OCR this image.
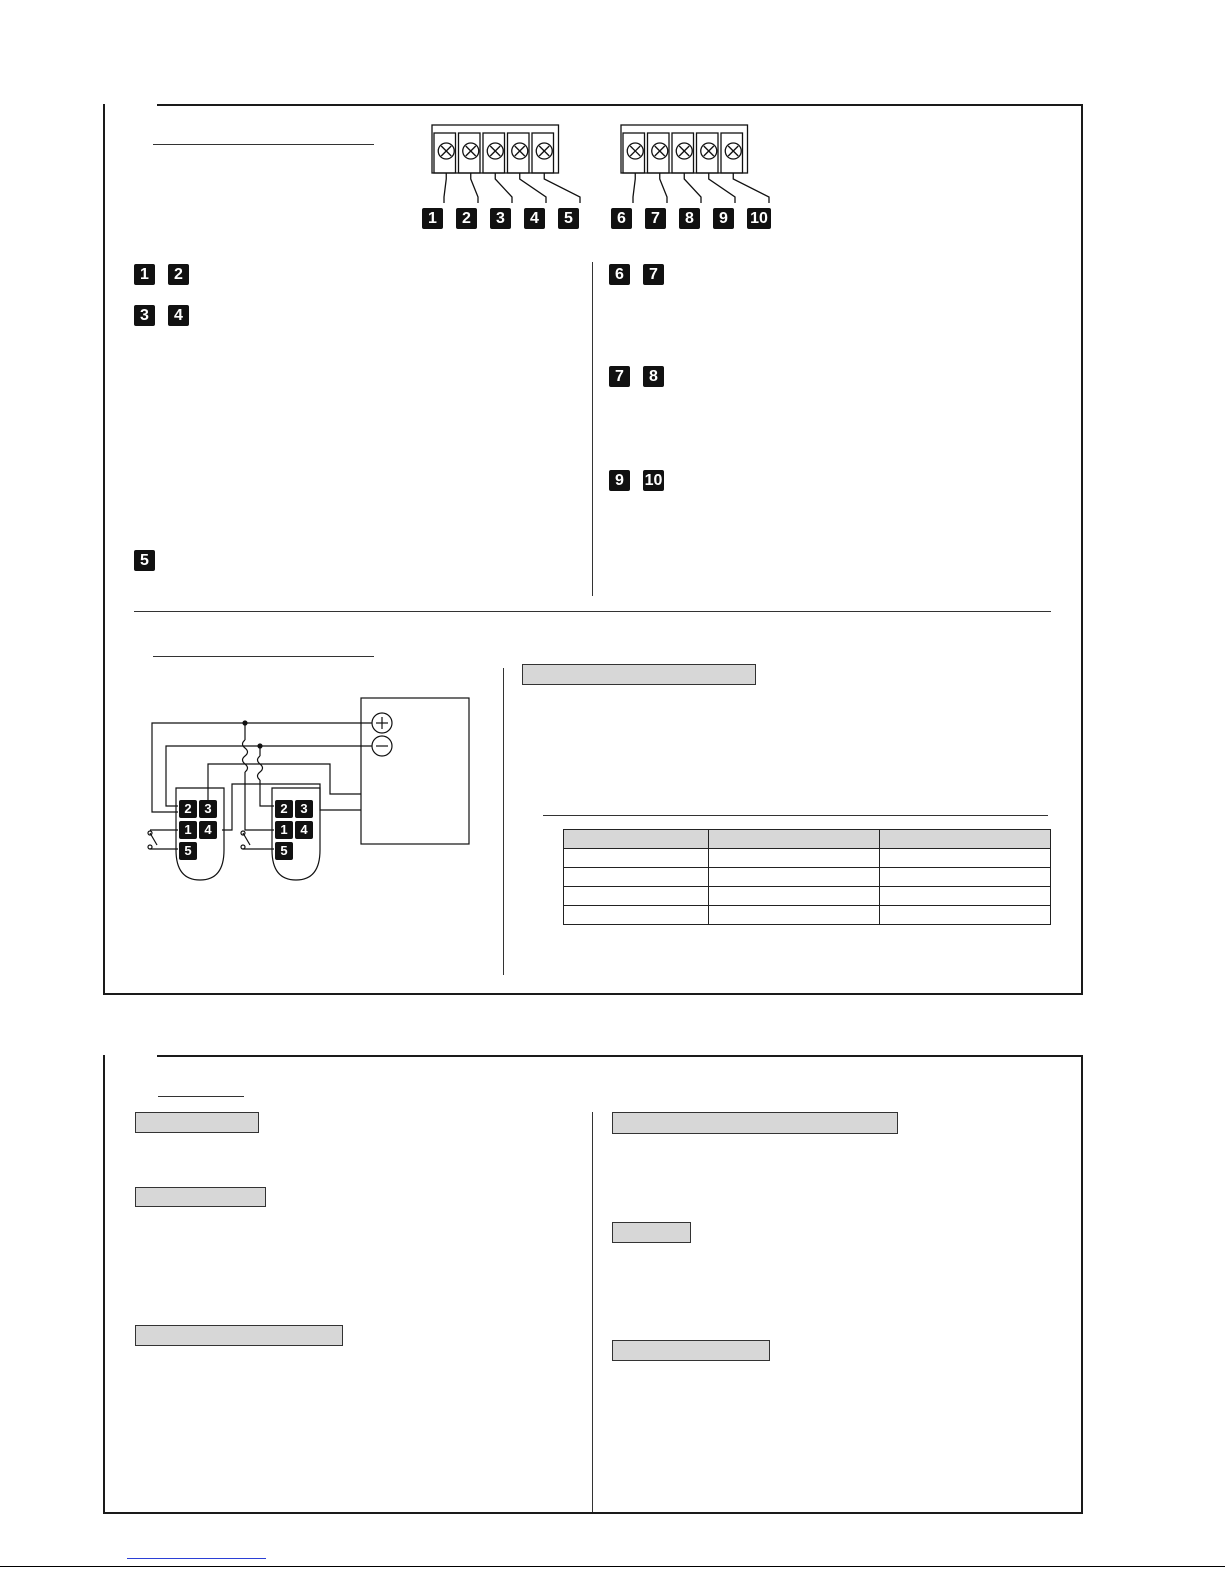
1	2	3	4	5	6	7	8	9	10
1	2
3	4
5
6	7
7	8
9	10
2 3
1 4
5
2 3
1 4
5
